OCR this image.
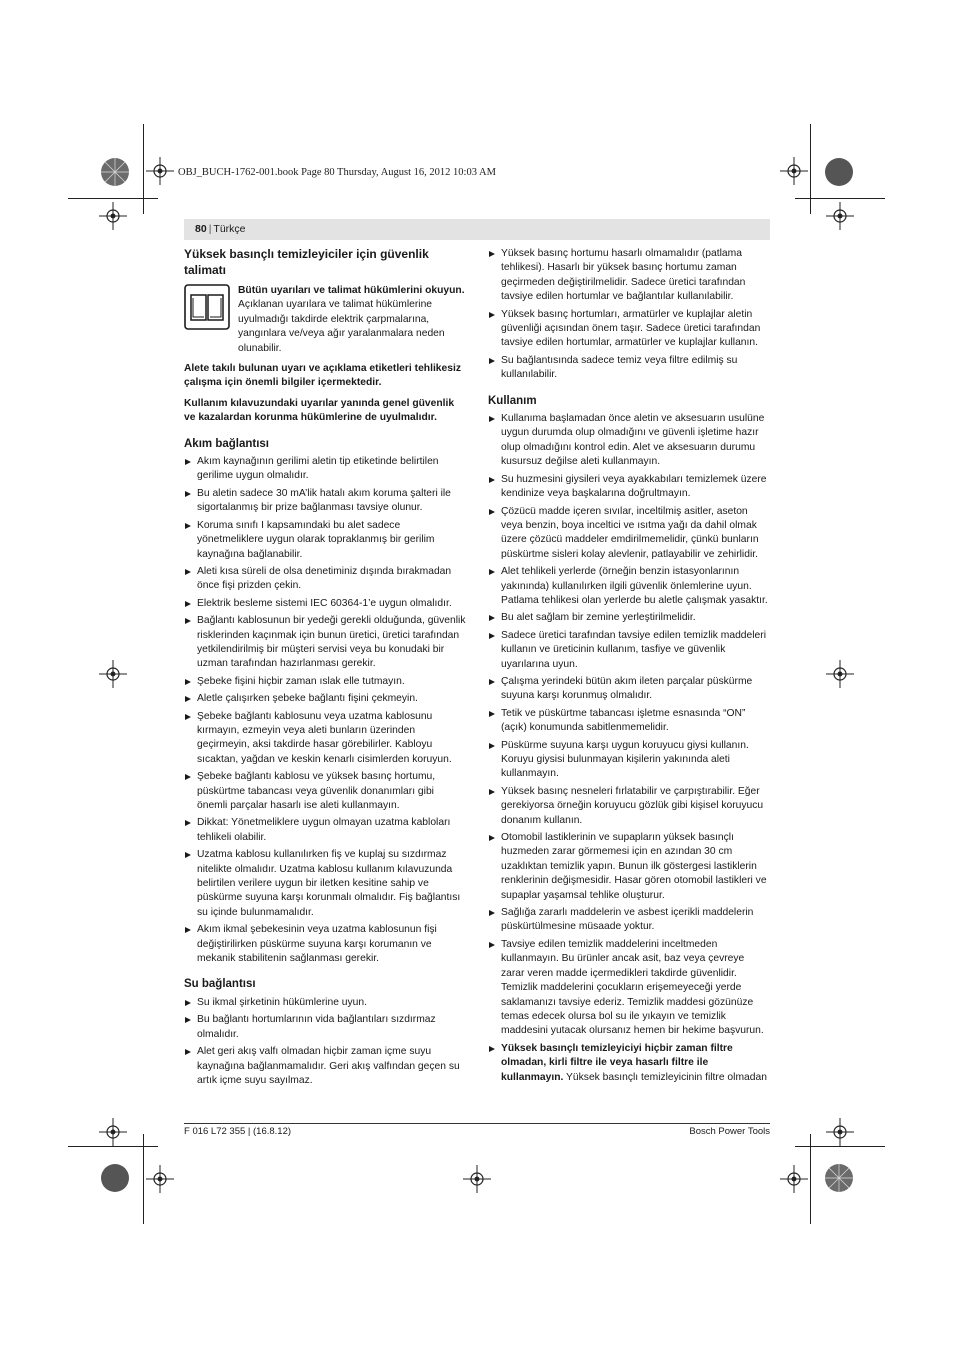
OBJ_BUCH-1762-001.book Page 80 Thursday, August 16, 2012 10:03 AM
80 | Türkçe
Yüksek basınçlı temizleyiciler için güvenlik talimatı
Bütün uyarıları ve talimat hükümlerini okuyun.
Açıklanan uyarılara ve talimat hükümlerine uyulmadığı takdirde elektrik çarpmalarına, yangınlara ve/veya ağır yaralanmalara neden olunabilir.
Alete takılı bulunan uyarı ve açıklama etiketleri tehlikesiz çalışma için önemli bilgiler içermektedir.
Kullanım kılavuzundaki uyarılar yanında genel güvenlik ve kazalardan korunma hükümlerine de uyulmalıdır.
Akım bağlantısı
Akım kaynağının gerilimi aletin tip etiketinde belirtilen gerilime uygun olmalıdır.
Bu aletin sadece 30 mA’lik hatalı akım koruma şalteri ile sigortalanmış bir prize bağlanması tavsiye olunur.
Koruma sınıfı I kapsamındaki bu alet sadece yönetmeliklere uygun olarak topraklanmış bir gerilim kaynağına bağlanabilir.
Aleti kısa süreli de olsa denetiminiz dışında bırakmadan önce fişi prizden çekin.
Elektrik besleme sistemi IEC 60364-1’e uygun olmalıdır.
Bağlantı kablosunun bir yedeği gerekli olduğunda, güvenlik risklerinden kaçınmak için bunun üretici, üretici tarafından yetkilendirilmiş bir müşteri servisi veya bu konudaki bir uzman tarafından hazırlanması gerekir.
Şebeke fişini hiçbir zaman ıslak elle tutmayın.
Aletle çalışırken şebeke bağlantı fişini çekmeyin.
Şebeke bağlantı kablosunu veya uzatma kablosunu kırmayın, ezmeyin veya aleti bunların üzerinden geçirmeyin, aksi takdirde hasar görebilirler. Kabloyu sıcaktan, yağdan ve keskin kenarlı cisimlerden koruyun.
Şebeke bağlantı kablosu ve yüksek basınç hortumu, püskürtme tabancası veya güvenlik donanımları gibi önemli parçalar hasarlı ise aleti kullanmayın.
Dikkat: Yönetmeliklere uygun olmayan uzatma kabloları tehlikeli olabilir.
Uzatma kablosu kullanılırken fiş ve kuplaj su sızdırmaz nitelikte olmalıdır. Uzatma kablosu kullanım kılavuzunda belirtilen verilere uygun bir iletken kesitine sahip ve püskürme suyuna karşı korunmalı olmalıdır. Fiş bağlantısı su içinde bulunmamalıdır.
Akım ikmal şebekesinin veya uzatma kablosunun fişi değiştirilirken püskürme suyuna karşı korumanın ve mekanik stabilitenin sağlanması gerekir.
Su bağlantısı
Su ikmal şirketinin hükümlerine uyun.
Bu bağlantı hortumlarının vida bağlantıları sızdırmaz olmalıdır.
Alet geri akış valfı olmadan hiçbir zaman içme suyu kaynağına bağlanmamalıdır. Geri akış valfından geçen su artık içme suyu sayılmaz.
Yüksek basınç hortumu hasarlı olmamalıdır (patlama tehlikesi). Hasarlı bir yüksek basınç hortumu zaman geçirmeden değiştirilmelidir. Sadece üretici tarafından tavsiye edilen hortumlar ve bağlantılar kullanılabilir.
Yüksek basınç hortumları, armatürler ve kuplajlar aletin güvenliği açısından önem taşır. Sadece üretici tarafından tavsiye edilen hortumlar, armatürler ve kuplajlar kullanın.
Su bağlantısında sadece temiz veya filtre edilmiş su kullanılabilir.
Kullanım
Kullanıma başlamadan önce aletin ve aksesuarın usulüne uygun durumda olup olmadığını ve güvenli işletime hazır olup olmadığını kontrol edin. Alet ve aksesuarın durumu kusursuz değilse aleti kullanmayın.
Su huzmesini giysileri veya ayakkabıları temizlemek üzere kendinize veya başkalarına doğrultmayın.
Çözücü madde içeren sıvılar, inceltilmiş asitler, aseton veya benzin, boya inceltici ve ısıtma yağı da dahil olmak üzere çözücü maddeler emdirilmemelidir, çünkü bunların püskürtme sisleri kolay alevlenir, patlayabilir ve zehirlidir.
Alet tehlikeli yerlerde (örneğin benzin istasyonlarının yakınında) kullanılırken ilgili güvenlik önlemlerine uyun. Patlama tehlikesi olan yerlerde bu aletle çalışmak yasaktır.
Bu alet sağlam bir zemine yerleştirilmelidir.
Sadece üretici tarafından tavsiye edilen temizlik maddeleri kullanın ve üreticinin kullanım, tasfiye ve güvenlik uyarılarına uyun.
Çalışma yerindeki bütün akım ileten parçalar püskürme suyuna karşı korunmuş olmalıdır.
Tetik ve püskürtme tabancası işletme esnasında “ON” (açık) konumunda sabitlenmemelidir.
Püskürme suyuna karşı uygun koruyucu giysi kullanın. Koruyu giysisi bulunmayan kişilerin yakınında aleti kullanmayın.
Yüksek basınç nesneleri fırlatabilir ve çarpıştırabilir. Eğer gerekiyorsa örneğin koruyucu gözlük gibi kişisel koruyucu donanım kullanın.
Otomobil lastiklerinin ve supapların yüksek basınçlı huzmeden zarar görmemesi için en azından 30 cm uzaklıktan temizlik yapın. Bunun ilk göstergesi lastiklerin renklerinin değişmesidir. Hasar gören otomobil lastikleri ve supaplar yaşamsal tehlike oluşturur.
Sağlığa zararlı maddelerin ve asbest içerikli maddelerin püskürtülmesine müsaade yoktur.
Tavsiye edilen temizlik maddelerini inceltmeden kullanmayın. Bu ürünler ancak asit, baz veya çevreye zarar veren madde içermedikleri takdirde güvenlidir. Temizlik maddelerini çocukların erişemeyeceği yerde saklamanızı tavsiye ederiz. Temizlik maddesi gözünüze temas edecek olursa bol su ile yıkayın ve temizlik maddesini yutacak olursanız hemen bir hekime başvurun.
Yüksek basınçlı temizleyiciyi hiçbir zaman filtre olmadan, kirli filtre ile veya hasarlı filtre ile kullanmayın. Yüksek basınçlı temizleyicinin filtre olmadan
F 016 L72 355 | (16.8.12)	Bosch Power Tools
